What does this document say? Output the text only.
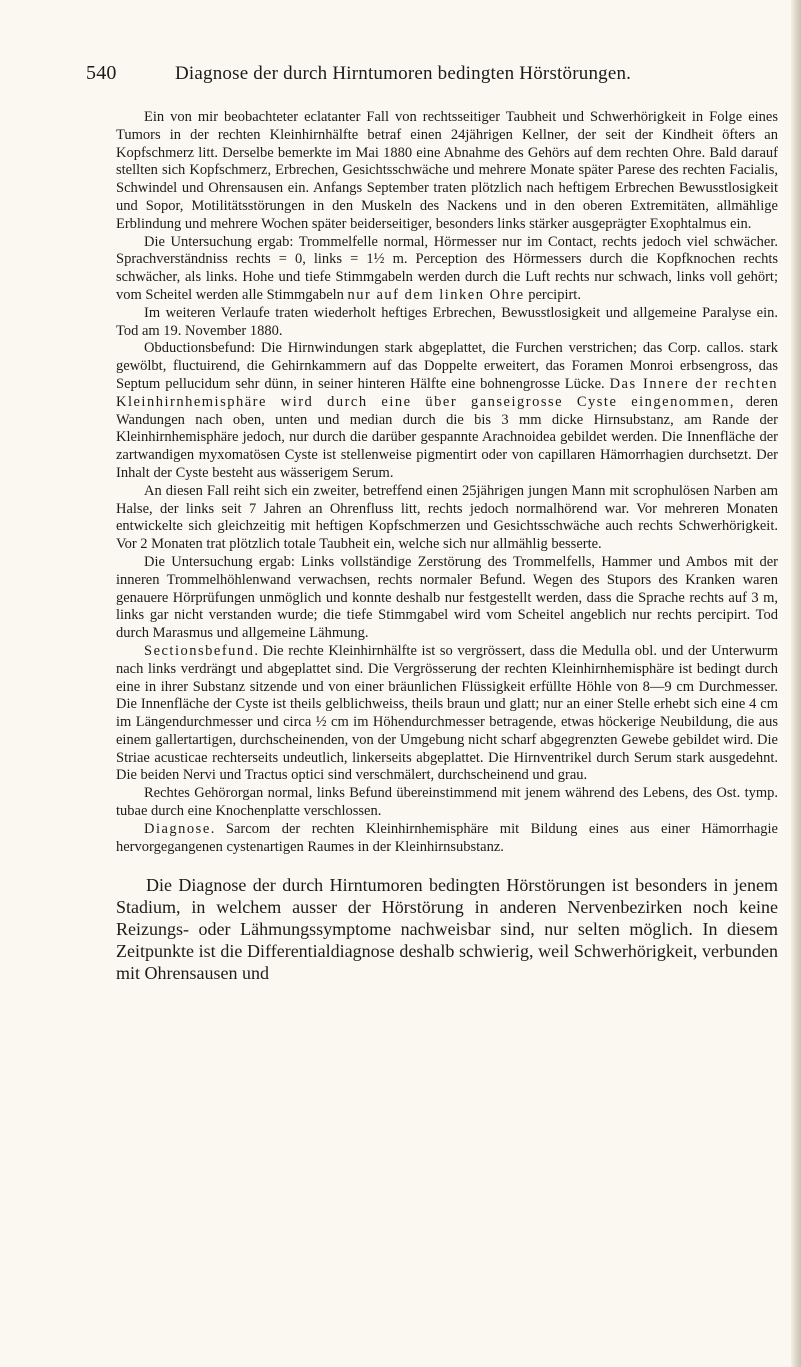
540	Diagnose der durch Hirntumoren bedingten Hörstörungen.

Ein von mir beobachteter eclatanter Fall von rechtsseitiger Taubheit und Schwerhörigkeit in Folge eines Tumors in der rechten Kleinhirnhälfte betraf einen 24jährigen Kellner, der seit der Kindheit öfters an Kopfschmerz litt. Derselbe bemerkte im Mai 1880 eine Abnahme des Gehörs auf dem rechten Ohre. Bald darauf stellten sich Kopfschmerz, Erbrechen, Gesichtsschwäche und mehrere Monate später Parese des rechten Facialis, Schwindel und Ohrensausen ein. Anfangs September traten plötzlich nach heftigem Erbrechen Bewusstlosigkeit und Sopor, Motilitätsstörungen in den Muskeln des Nackens und in den oberen Extremitäten, allmählige Erblindung und mehrere Wochen später beiderseitiger, besonders links stärker ausgeprägter Exophtalmus ein.

Die Untersuchung ergab: Trommelfelle normal, Hörmesser nur im Contact, rechts jedoch viel schwächer. Sprachverständniss rechts = 0, links = 1½ m. Perception des Hörmessers durch die Kopfknochen rechts schwächer, als links. Hohe und tiefe Stimmgabeln werden durch die Luft rechts nur schwach, links voll gehört; vom Scheitel werden alle Stimmgabeln nur auf dem linken Ohre percipirt.

Im weiteren Verlaufe traten wiederholt heftiges Erbrechen, Bewusstlosigkeit und allgemeine Paralyse ein. Tod am 19. November 1880.

Obductionsbefund: Die Hirnwindungen stark abgeplattet, die Furchen verstrichen; das Corp. callos. stark gewölbt, fluctuirend, die Gehirnkammern auf das Doppelte erweitert, das Foramen Monroi erbsengross, das Septum pellucidum sehr dünn, in seiner hinteren Hälfte eine bohnengrosse Lücke. Das Innere der rechten Kleinhirnhemisphäre wird durch eine über ganseigrosse Cyste eingenommen, deren Wandungen nach oben, unten und median durch die bis 3 mm dicke Hirnsubstanz, am Rande der Kleinhirnhemisphäre jedoch, nur durch die darüber gespannte Arachnoidea gebildet werden. Die Innenfläche der zartwandigen myxomatösen Cyste ist stellenweise pigmentirt oder von capillaren Hämorrhagien durchsetzt. Der Inhalt der Cyste besteht aus wässerigem Serum.

An diesen Fall reiht sich ein zweiter, betreffend einen 25jährigen jungen Mann mit scrophulösen Narben am Halse, der links seit 7 Jahren an Ohrenfluss litt, rechts jedoch normalhörend war. Vor mehreren Monaten entwickelte sich gleichzeitig mit heftigen Kopfschmerzen und Gesichtsschwäche auch rechts Schwerhörigkeit. Vor 2 Monaten trat plötzlich totale Taubheit ein, welche sich nur allmählig besserte.

Die Untersuchung ergab: Links vollständige Zerstörung des Trommelfells, Hammer und Ambos mit der inneren Trommelhöhlenwand verwachsen, rechts normaler Befund. Wegen des Stupors des Kranken waren genauere Hörprüfungen unmöglich und konnte deshalb nur festgestellt werden, dass die Sprache rechts auf 3 m, links gar nicht verstanden wurde; die tiefe Stimmgabel wird vom Scheitel angeblich nur rechts percipirt. Tod durch Marasmus und allgemeine Lähmung.

Sectionsbefund. Die rechte Kleinhirnhälfte ist so vergrössert, dass die Medulla obl. und der Unterwurm nach links verdrängt und abgeplattet sind. Die Vergrösserung der rechten Kleinhirnhemisphäre ist bedingt durch eine in ihrer Substanz sitzende und von einer bräunlichen Flüssigkeit erfüllte Höhle von 8—9 cm Durchmesser. Die Innenfläche der Cyste ist theils gelblichweiss, theils braun und glatt; nur an einer Stelle erhebt sich eine 4 cm im Längendurchmesser und circa ½ cm im Höhendurchmesser betragende, etwas höckerige Neubildung, die aus einem gallertartigen, durchscheinenden, von der Umgebung nicht scharf abgegrenzten Gewebe gebildet wird. Die Striae acusticae rechterseits undeutlich, linkerseits abgeplattet. Die Hirnventrikel durch Serum stark ausgedehnt. Die beiden Nervi und Tractus optici sind verschmälert, durchscheinend und grau.

Rechtes Gehörorgan normal, links Befund übereinstimmend mit jenem während des Lebens, des Ost. tymp. tubae durch eine Knochenplatte verschlossen.

Diagnose. Sarcom der rechten Kleinhirnhemisphäre mit Bildung eines aus einer Hämorrhagie hervorgegangenen cystenartigen Raumes in der Kleinhirnsubstanz.

Die Diagnose der durch Hirntumoren bedingten Hörstörungen ist besonders in jenem Stadium, in welchem ausser der Hörstörung in anderen Nervenbezirken noch keine Reizungs- oder Lähmungssymptome nachweisbar sind, nur selten möglich. In diesem Zeitpunkte ist die Differentialdiagnose deshalb schwierig, weil Schwerhörigkeit, verbunden mit Ohrensausen und
